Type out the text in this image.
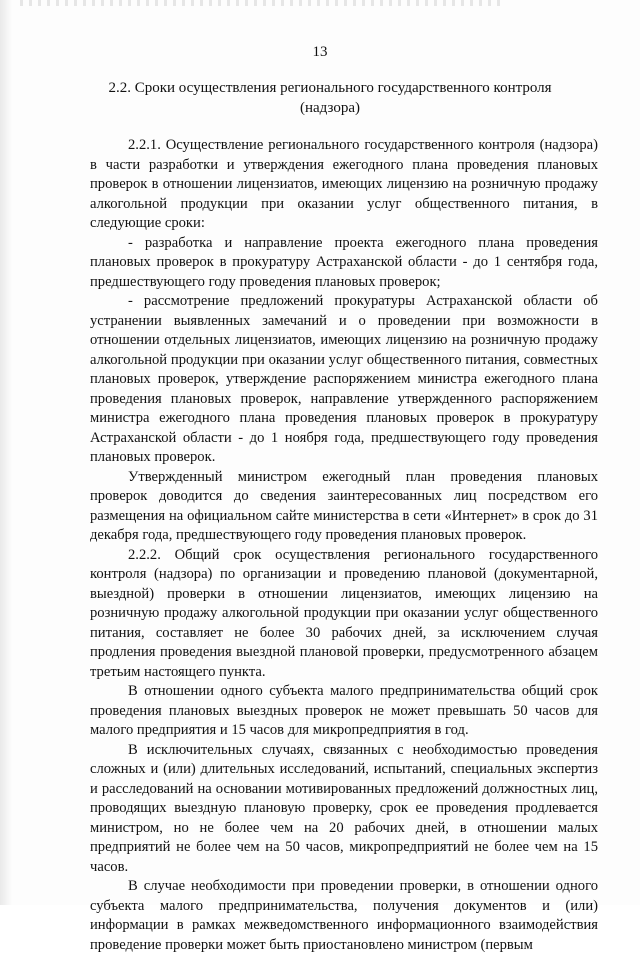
13
2.2. Сроки осуществления регионального государственного контроля (надзора)

2.2.1. Осуществление регионального государственного контроля (надзора) в части разработки и утверждения ежегодного плана проведения плановых проверок в отношении лицензиатов, имеющих лицензию на розничную продажу алкогольной продукции при оказании услуг общественного питания, в следующие сроки:

- разработка и направление проекта ежегодного плана проведения плановых проверок в прокуратуру Астраханской области - до 1 сентября года, предшествующего году проведения плановых проверок;

- рассмотрение предложений прокуратуры Астраханской области об устранении выявленных замечаний и о проведении при возможности в отношении отдельных лицензиатов, имеющих лицензию на розничную продажу алкогольной продукции при оказании услуг общественного питания, совместных плановых проверок, утверждение распоряжением министра ежегодного плана проведения плановых проверок, направление утвержденного распоряжением министра ежегодного плана проведения плановых проверок в прокуратуру Астраханской области - до 1 ноября года, предшествующего году проведения плановых проверок.

Утвержденный министром ежегодный план проведения плановых проверок доводится до сведения заинтересованных лиц посредством его размещения на официальном сайте министерства в сети «Интернет» в срок до 31 декабря года, предшествующего году проведения плановых проверок.

2.2.2. Общий срок осуществления регионального государственного контроля (надзора) по организации и проведению плановой (документарной, выездной) проверки в отношении лицензиатов, имеющих лицензию на розничную продажу алкогольной продукции при оказании услуг общественного питания, составляет не более 30 рабочих дней, за исключением случая продления проведения выездной плановой проверки, предусмотренного абзацем третьим настоящего пункта.

В отношении одного субъекта малого предпринимательства общий срок проведения плановых выездных проверок не может превышать 50 часов для малого предприятия и 15 часов для микропредприятия в год.

В исключительных случаях, связанных с необходимостью проведения сложных и (или) длительных исследований, испытаний, специальных экспертиз и расследований на основании мотивированных предложений должностных лиц, проводящих выездную плановую проверку, срок ее проведения продлевается министром, но не более чем на 20 рабочих дней, в отношении малых предприятий не более чем на 50 часов, микропредприятий не более чем на 15 часов.

В случае необходимости при проведении проверки, в отношении одного субъекта малого предпринимательства, получения документов и (или) информации в рамках межведомственного информационного взаимодействия проведение проверки может быть приостановлено министром (первым
